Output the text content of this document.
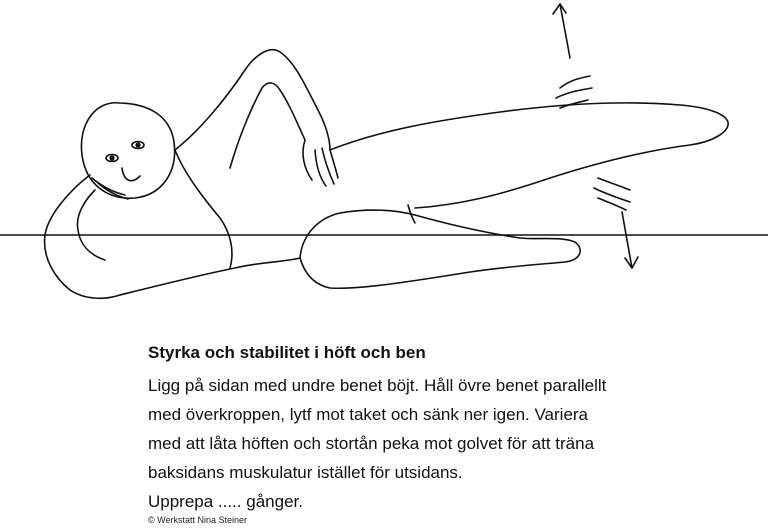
Styrka och stabilitet i höft och ben

Ligg på sidan med undre benet böjt. Håll övre benet parallellt
med överkroppen, lytf mot taket och sänk ner igen. Variera
med att låta höften och stortån peka mot golvet för att träna
baksidans muskulatur istället för utsidans.
Upprepa ..... gånger.
© Werkstatt Nina Steiner
